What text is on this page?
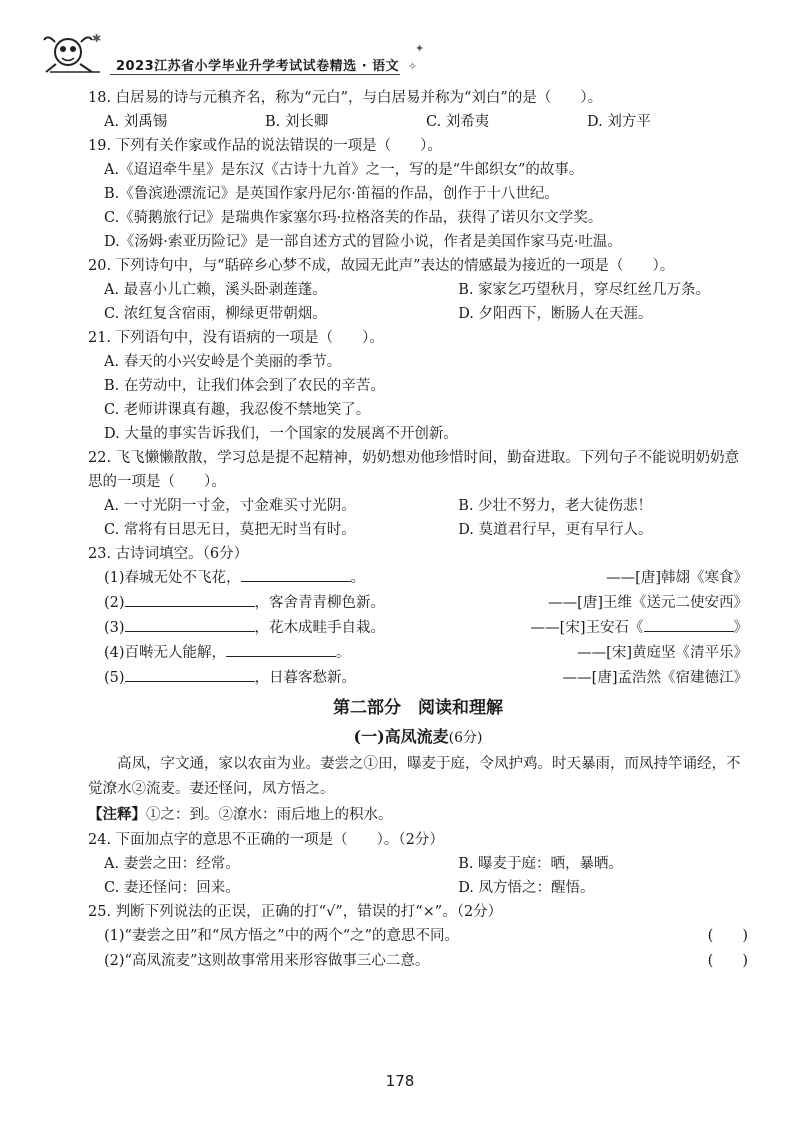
✱
✦
✧
2023江苏省小学毕业升学考试试卷精选 · 语文

18. 白居易的诗与元稹齐名，称为“元白”，与白居易并称为“刘白”的是（　　）。

A. 刘禹锡	B. 刘长卿	C. 刘希夷	D. 刘方平

19. 下列有关作家或作品的说法错误的一项是（　　）。

A.《迢迢牵牛星》是东汉《古诗十九首》之一，写的是“牛郎织女”的故事。
B.《鲁滨逊漂流记》是英国作家丹尼尔·笛福的作品，创作于十八世纪。
C.《骑鹅旅行记》是瑞典作家塞尔玛·拉格洛芙的作品，获得了诺贝尔文学奖。
D.《汤姆·索亚历险记》是一部自述方式的冒险小说，作者是美国作家马克·吐温。

20. 下列诗句中，与“聒碎乡心梦不成，故园无此声”表达的情感最为接近的一项是（　　）。

A. 最喜小儿亡赖，溪头卧剥莲蓬。	B. 家家乞巧望秋月，穿尽红丝几万条。
C. 浓红复含宿雨，柳绿更带朝烟。	D. 夕阳西下，断肠人在天涯。

21. 下列语句中，没有语病的一项是（　　）。

A. 春天的小兴安岭是个美丽的季节。
B. 在劳动中，让我们体会到了农民的辛苦。
C. 老师讲课真有趣，我忍俊不禁地笑了。
D. 大量的事实告诉我们，一个国家的发展离不开创新。

22. 飞飞懒懒散散，学习总是提不起精神，奶奶想劝他珍惜时间，勤奋进取。下列句子不能说明奶奶意思的一项是（　　）。

A. 一寸光阴一寸金，寸金难买寸光阴。	B. 少壮不努力，老大徒伤悲！
C. 常将有日思无日，莫把无时当有时。	D. 莫道君行早，更有早行人。

23. 古诗词填空。（6分）

(1)春城无处不飞花，	。	——[唐]韩翃《寒食》
(2)	，客舍青青柳色新。	——[唐]王维《送元二使安西》
(3)	，花木成畦手自栽。	——[宋]王安石《	》
(4)百啭无人能解，	。	——[宋]黄庭坚《清平乐》
(5)	，日暮客愁新。	——[唐]孟浩然《宿建德江》
第二部分　阅读和理解
(一)高凤流麦(6分)

高凤，字文通，家以农亩为业。妻尝之①田，曝麦于庭，令凤护鸡。时天暴雨，而凤持竿诵经，不觉潦水②流麦。妻还怪问，凤方悟之。

【注释】①之：到。②潦水：雨后地上的积水。

24. 下面加点字的意思不正确的一项是（　　）。（2分）

A. 妻尝之田：经常。	B. 曝麦于庭：晒，暴晒。
C. 妻还怪问：回来。	D. 凤方悟之：醒悟。

25. 判断下列说法的正误，正确的打“√”，错误的打“×”。（2分）

(1)“妻尝之田”和“凤方悟之”中的两个“之”的意思不同。	(　　)
(2)“高凤流麦”这则故事常用来形容做事三心二意。	(　　)
178
